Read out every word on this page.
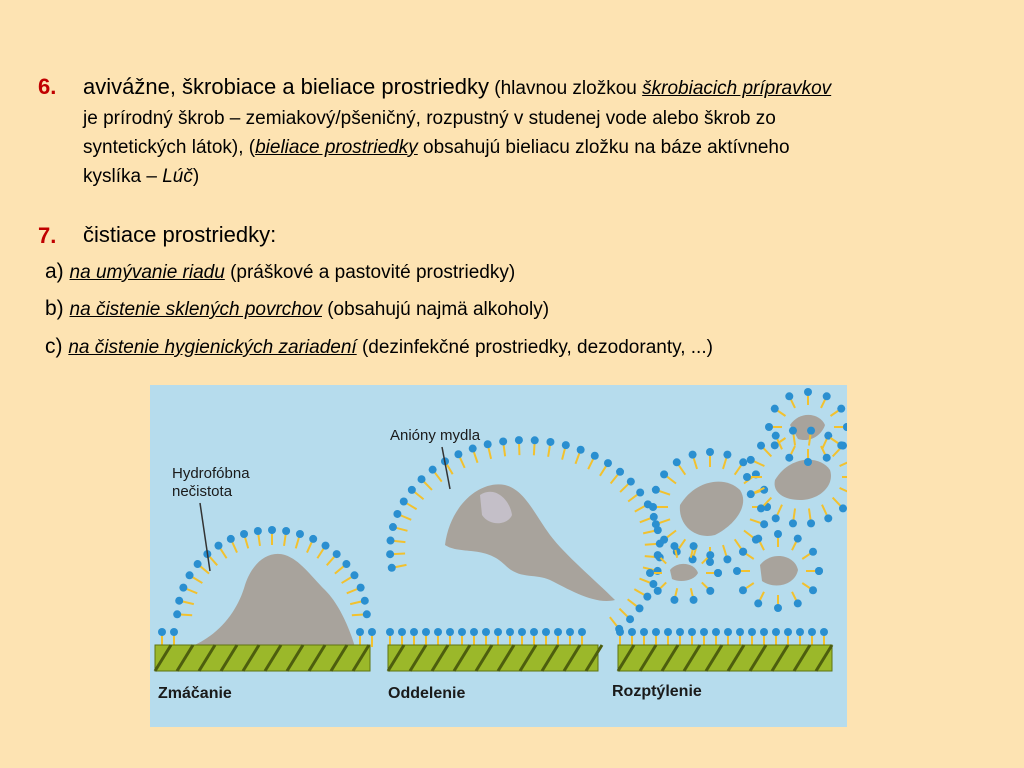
6. avivážne, škrobiace a bieliace prostriedky (hlavnou zložkou škrobiacich prípravkov
je prírodný škrob – zemiakový/pšeničný, rozpustný v studenej vode alebo škrob zo
syntetických látok), (bieliace prostriedky obsahujú bieliacu zložku na báze aktívneho
kyslíka – Lúč)
7. čistiace prostriedky:
a) na umývanie riadu (práškové a pastovité prostriedky)
b) na čistenie sklených povrchov (obsahujú najmä alkoholy)
c) na čistenie hygienických zariadení (dezinfekčné prostriedky, dezodoranty, ...)
Hydrofóbna
nečistota
Anióny mydla
Zmáčanie	Oddelenie	Rozptýlenie
